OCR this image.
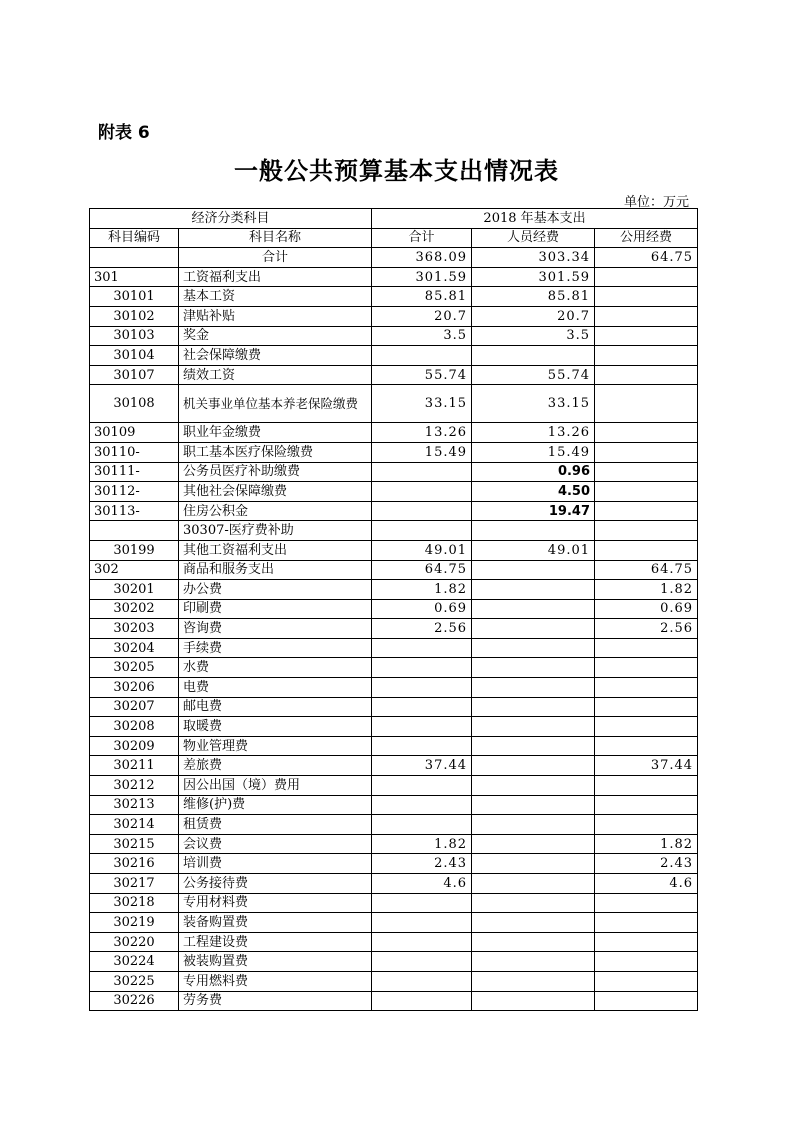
附表 6
一般公共预算基本支出情况表
单位：万元
经济分类科目		2018 年基本支出		
科目编码	科目名称	合计	人员经费	公用经费
	合计	368.09	303.34	64.75
301	工资福利支出	301.59	301.59	
30101	基本工资	85.81	85.81	
30102	津贴补贴	20.7	20.7	
30103	奖金	3.5	3.5	
30104	社会保障缴费			
30107	绩效工资	55.74	55.74	
30108	机关事业单位基本养老保险缴费	33.15	33.15	
30109	职业年金缴费	13.26	13.26	
30110-	职工基本医疗保险缴费	15.49	15.49	
30111-	公务员医疗补助缴费		0.96	
30112-	其他社会保障缴费		4.50	
30113-	住房公积金		19.47	
	30307-医疗费补助			
30199	其他工资福利支出	49.01	49.01	
302	商品和服务支出	64.75		64.75
30201	办公费	1.82		1.82
30202	印刷费	0.69		0.69
30203	咨询费	2.56		2.56
30204	手续费			
30205	水费			
30206	电费			
30207	邮电费			
30208	取暖费			
30209	物业管理费			
30211	差旅费	37.44		37.44
30212	因公出国（境）费用			
30213	维修(护)费			
30214	租赁费			
30215	会议费	1.82		1.82
30216	培训费	2.43		2.43
30217	公务接待费	4.6		4.6
30218	专用材料费			
30219	装备购置费			
30220	工程建设费			
30224	被装购置费			
30225	专用燃料费			
30226	劳务费			
